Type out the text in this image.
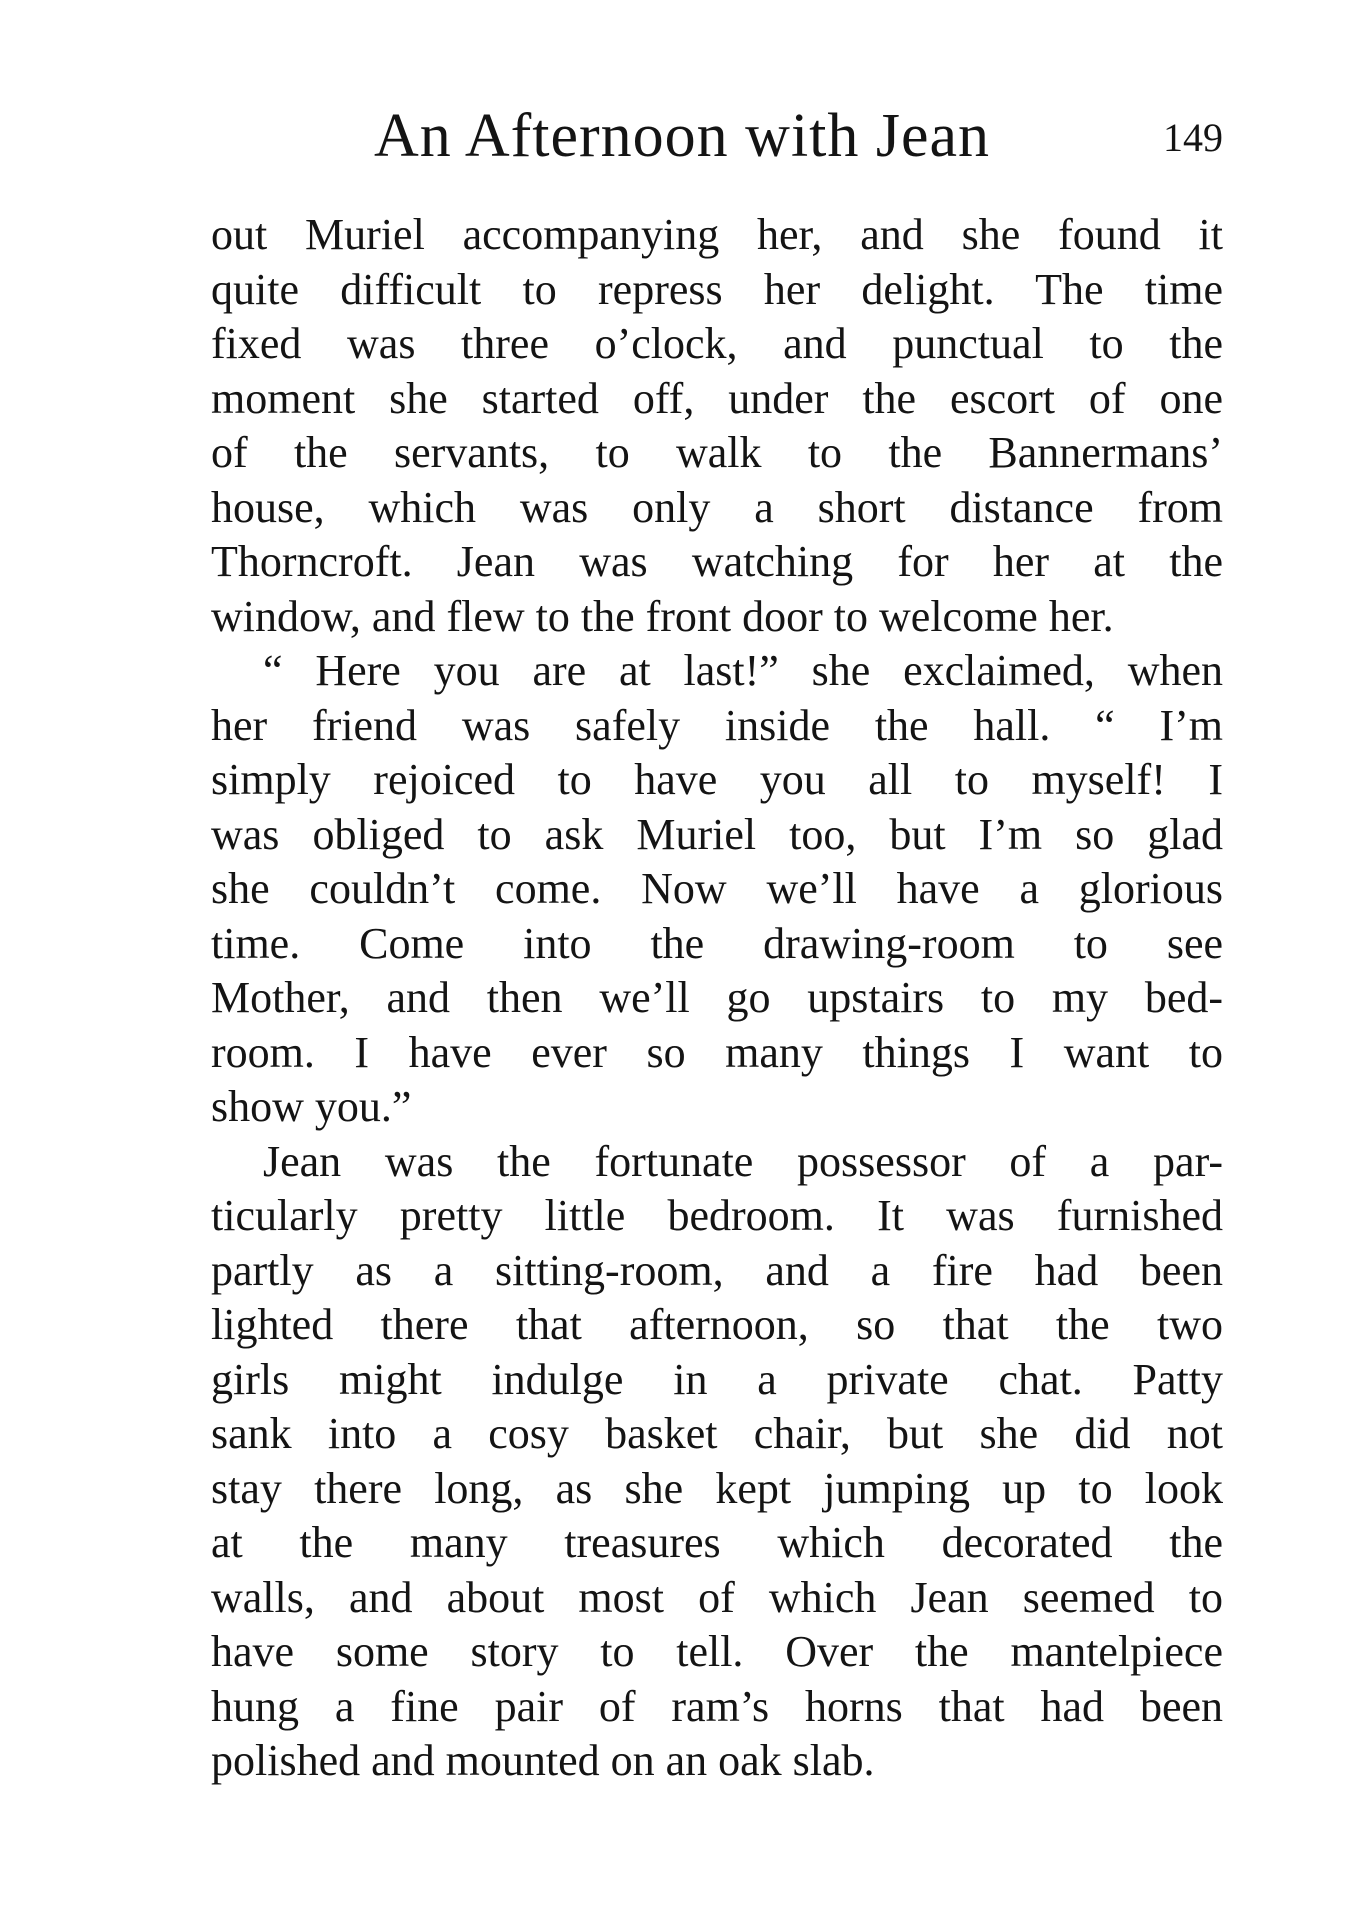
An Afternoon with Jean	149
out Muriel accompanying her, and she found it
quite difficult to repress her delight. The time
fixed was three o’clock, and punctual to the
moment she started off, under the escort of one
of the servants, to walk to the Bannermans’
house, which was only a short distance from
Thorncroft. Jean was watching for her at the
window, and flew to the front door to welcome her.
“ Here you are at last!” she exclaimed, when
her friend was safely inside the hall. “ I’m
simply rejoiced to have you all to myself! I
was obliged to ask Muriel too, but I’m so glad
she couldn’t come. Now we’ll have a glorious
time. Come into the drawing-room to see
Mother, and then we’ll go upstairs to my bed-
room. I have ever so many things I want to
show you.”
Jean was the fortunate possessor of a par-
ticularly pretty little bedroom. It was furnished
partly as a sitting-room, and a fire had been
lighted there that afternoon, so that the two
girls might indulge in a private chat. Patty
sank into a cosy basket chair, but she did not
stay there long, as she kept jumping up to look
at the many treasures which decorated the
walls, and about most of which Jean seemed to
have some story to tell. Over the mantelpiece
hung a fine pair of ram’s horns that had been
polished and mounted on an oak slab.
